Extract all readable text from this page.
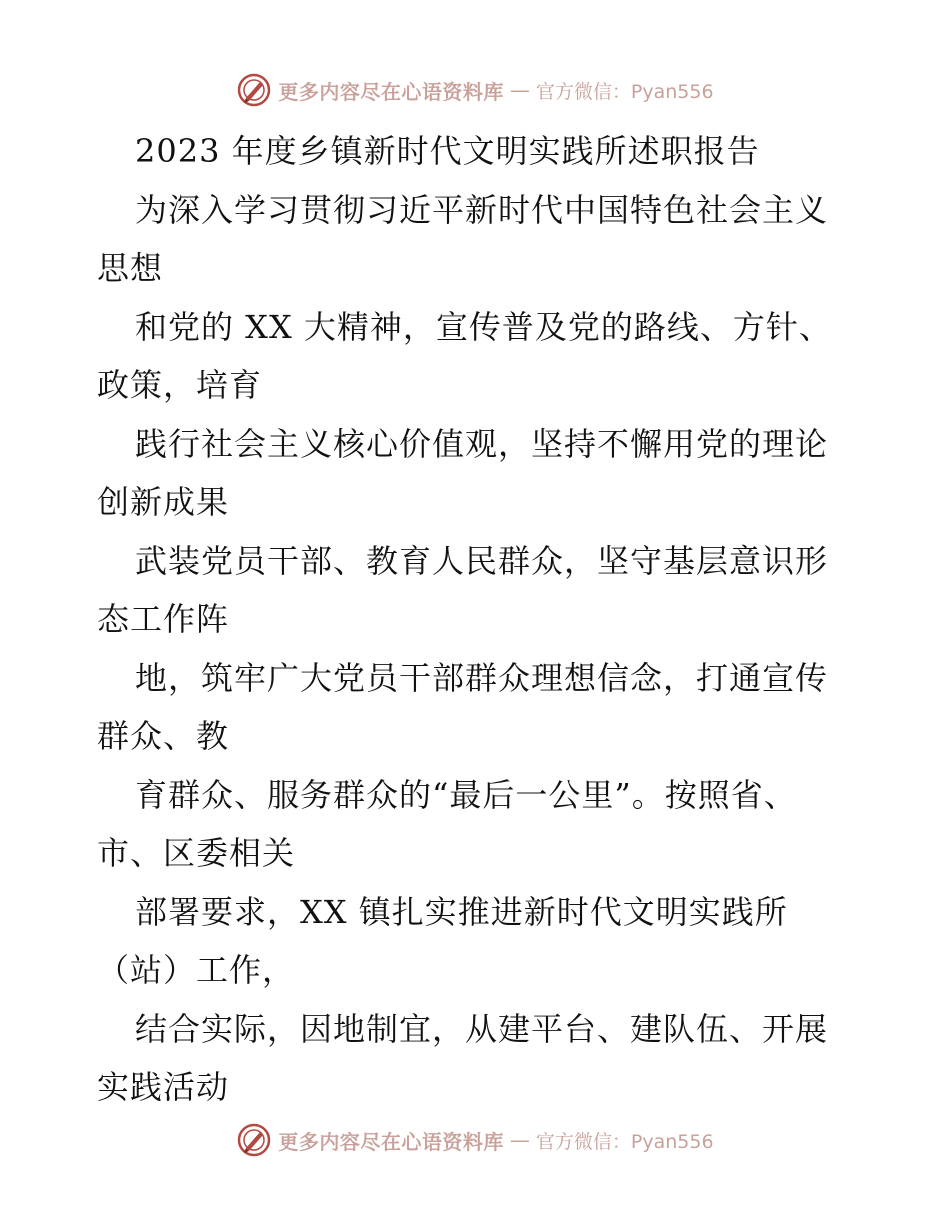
更多内容尽在心语资料库 — 官方微信：Pyan556
2023 年度乡镇新时代文明实践所述职报告
为深入学习贯彻习近平新时代中国特色社会主义
思想
和党的 XX 大精神，宣传普及党的路线、方针、
政策，培育
践行社会主义核心价值观，坚持不懈用党的理论
创新成果
武装党员干部、教育人民群众，坚守基层意识形
态工作阵
地，筑牢广大党员干部群众理想信念，打通宣传
群众、教
育群众、服务群众的“最后一公里”。按照省、
市、区委相关
部署要求，XX 镇扎实推进新时代文明实践所
（站）工作，
结合实际，因地制宜，从建平台、建队伍、开展
实践活动
更多内容尽在心语资料库 — 官方微信：Pyan556
